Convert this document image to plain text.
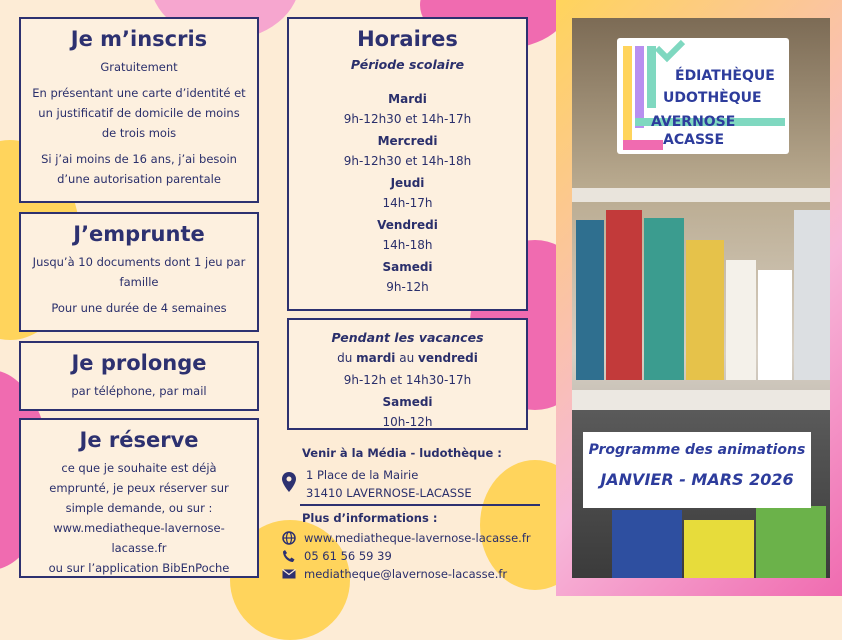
Je m’inscris

Gratuitement

En présentant une carte d’identité et un justificatif de domicile de moins de trois mois

Si j’ai moins de 16 ans, j’ai besoin d’une autorisation parentale

J’emprunte

Jusqu’à 10 documents dont 1 jeu par famille

Pour une durée de 4 semaines

Je prolonge

par téléphone, par mail

Je réserve

ce que je souhaite est déjà emprunté, je peux réserver sur simple demande, ou sur :

www.mediatheque-lavernose-lacasse.fr

ou sur l’application BibEnPoche

Horaires

Période scolaire

Mardi
9h-12h30 et 14h-17h
Mercredi
9h-12h30 et 14h-18h
Jeudi
14h-17h
Vendredi
14h-18h
Samedi
9h-12h
Pendant les vacances
du mardi au vendredi
9h-12h et 14h30-17h
Samedi
10h-12h
Venir à la Média - ludothèque :
1 Place de la Mairie
31410 LAVERNOSE-LACASSE
Plus d’informations :
www.mediatheque-lavernose-lacasse.fr
05 61 56 59 39
mediatheque@lavernose-lacasse.fr
ÉDIATHÈQUE
UDOTHÈQUE
AVERNOSE
ACASSE
Programme des animations
JANVIER - MARS 2026
